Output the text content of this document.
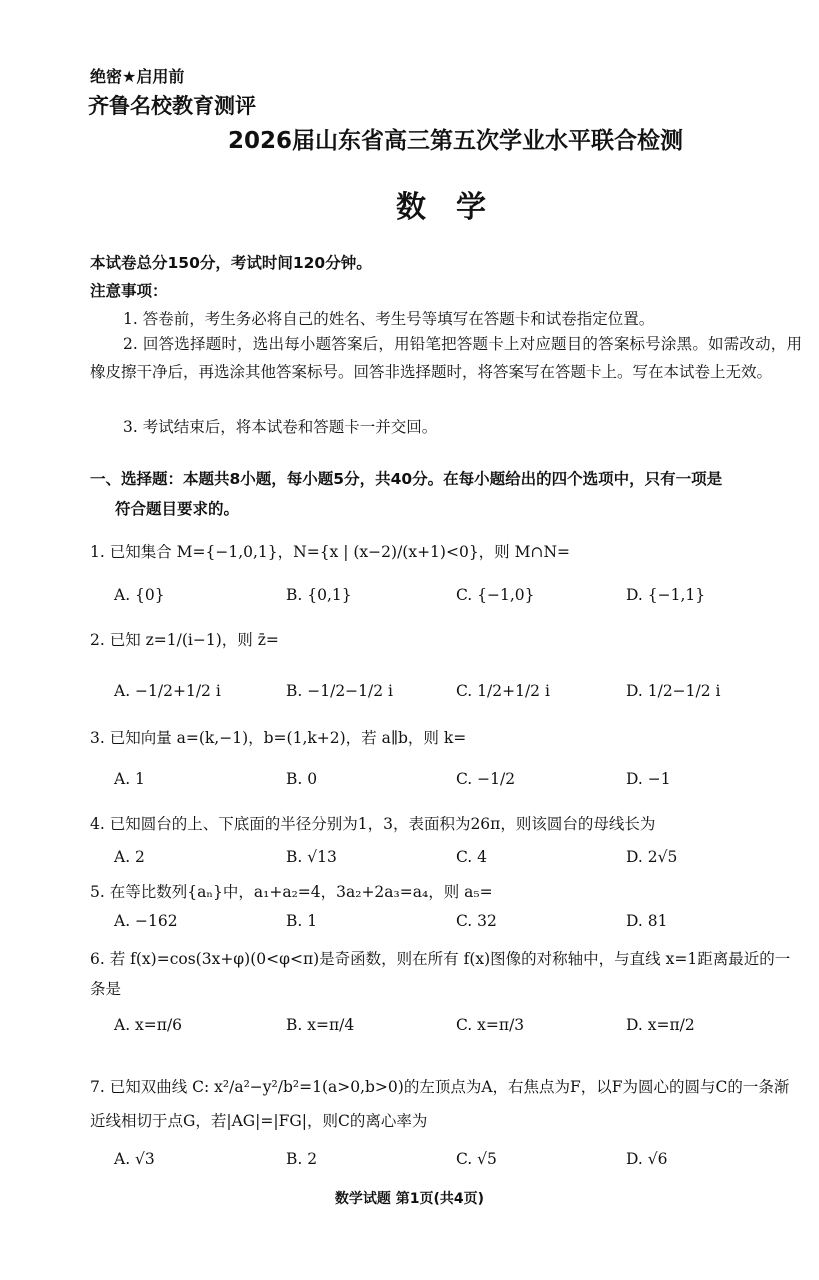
绝密★启用前
齐鲁名校教育测评
2026届山东省高三第五次学业水平联合检测
数学
本试卷总分150分，考试时间120分钟。
注意事项：
1. 答卷前，考生务必将自己的姓名、考生号等填写在答题卡和试卷指定位置。
2. 回答选择题时，选出每小题答案后，用铅笔把答题卡上对应题目的答案标号涂黑。如需改动，用橡皮擦干净后，再选涂其他答案标号。回答非选择题时，将答案写在答题卡上。写在本试卷上无效。
3. 考试结束后，将本试卷和答题卡一并交回。
一、选择题：本题共8小题，每小题5分，共40分。在每小题给出的四个选项中，只有一项是
符合题目要求的。
1. 已知集合 M={−1,0,1}，N={x | (x−2)/(x+1)<0}，则 M∩N=
A. {0}	B. {0,1}	C. {−1,0}	D. {−1,1}
2. 已知 z=1/(i−1)，则 z̄=
A. −1/2+1/2 i	B. −1/2−1/2 i	C. 1/2+1/2 i	D. 1/2−1/2 i
3. 已知向量 a=(k,−1)，b=(1,k+2)，若 a∥b，则 k=
A. 1	B. 0	C. −1/2	D. −1
4. 已知圆台的上、下底面的半径分别为1，3，表面积为26π，则该圆台的母线长为
A. 2	B. √13	C. 4	D. 2√5
5. 在等比数列{aₙ}中，a₁+a₂=4，3a₂+2a₃=a₄，则 a₅=
A. −162	B. 1	C. 32	D. 81
6. 若 f(x)=cos(3x+φ)(0<φ<π)是奇函数，则在所有 f(x)图像的对称轴中，与直线 x=1距离最近的一条是
A. x=π/6	B. x=π/4	C. x=π/3	D. x=π/2
7. 已知双曲线 C: x²/a²−y²/b²=1(a>0,b>0)的左顶点为A，右焦点为F，以F为圆心的圆与C的一条渐近线相切于点G，若|AG|=|FG|，则C的离心率为
A. √3	B. 2	C. √5	D. √6
数学试题 第1页(共4页)
